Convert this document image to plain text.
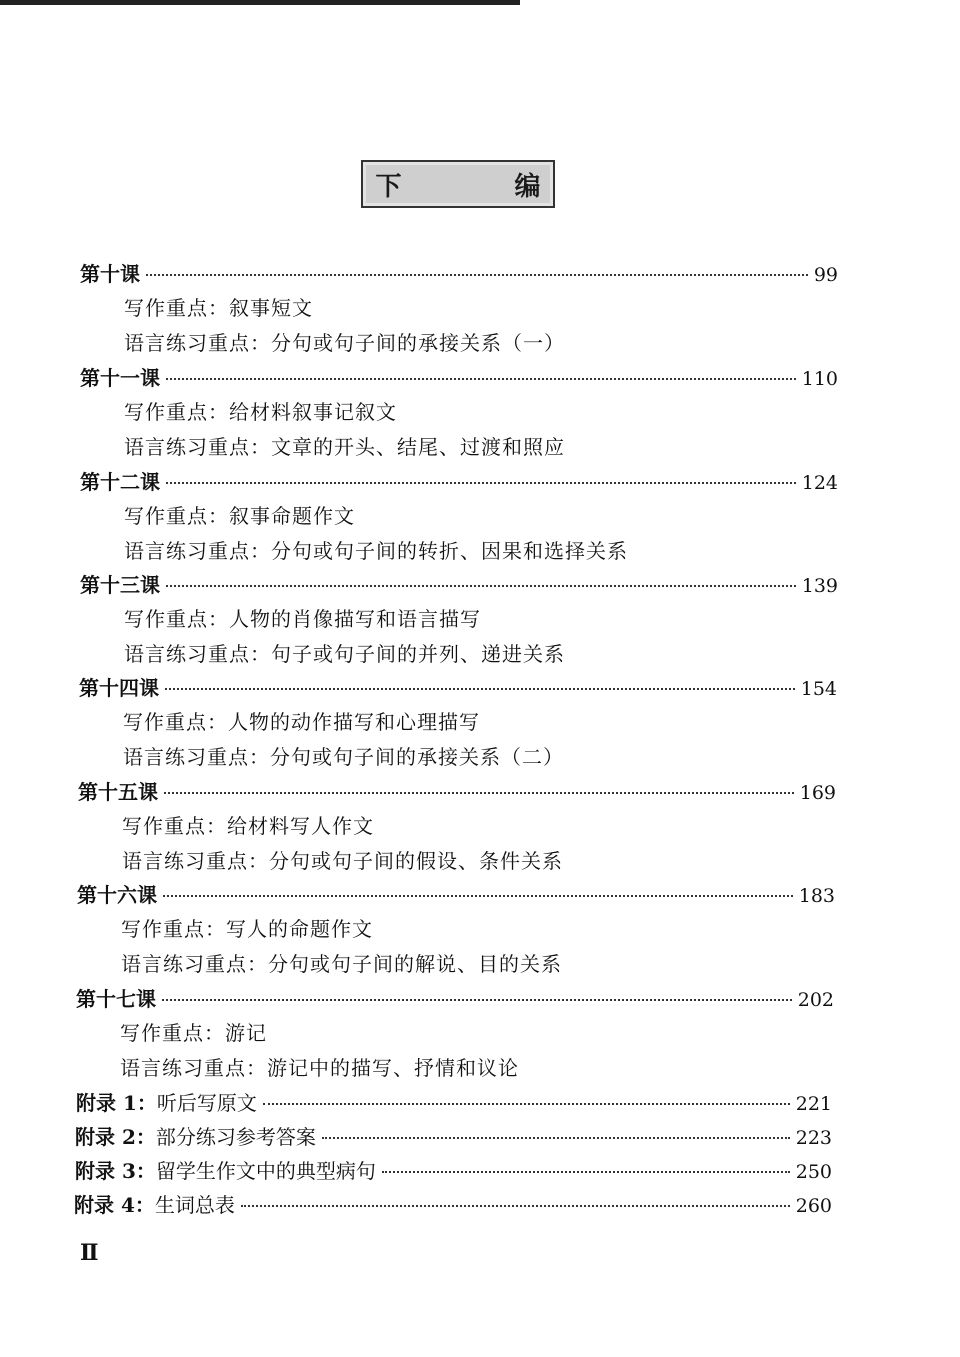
下 编
第十课	99
写作重点：叙事短文
语言练习重点：分句或句子间的承接关系（一）
第十一课	110
写作重点：给材料叙事记叙文
语言练习重点：文章的开头、结尾、过渡和照应
第十二课	124
写作重点：叙事命题作文
语言练习重点：分句或句子间的转折、因果和选择关系
第十三课	139
写作重点：人物的肖像描写和语言描写
语言练习重点：句子或句子间的并列、递进关系
第十四课	154
写作重点：人物的动作描写和心理描写
语言练习重点：分句或句子间的承接关系（二）
第十五课	169
写作重点：给材料写人作文
语言练习重点：分句或句子间的假设、条件关系
第十六课	183
写作重点：写人的命题作文
语言练习重点：分句或句子间的解说、目的关系
第十七课	202
写作重点：游记
语言练习重点：游记中的描写、抒情和议论
附录 1： 听后写原文	221
附录 2： 部分练习参考答案	223
附录 3： 留学生作文中的典型病句	250
附录 4： 生词总表	260
Ⅱ
